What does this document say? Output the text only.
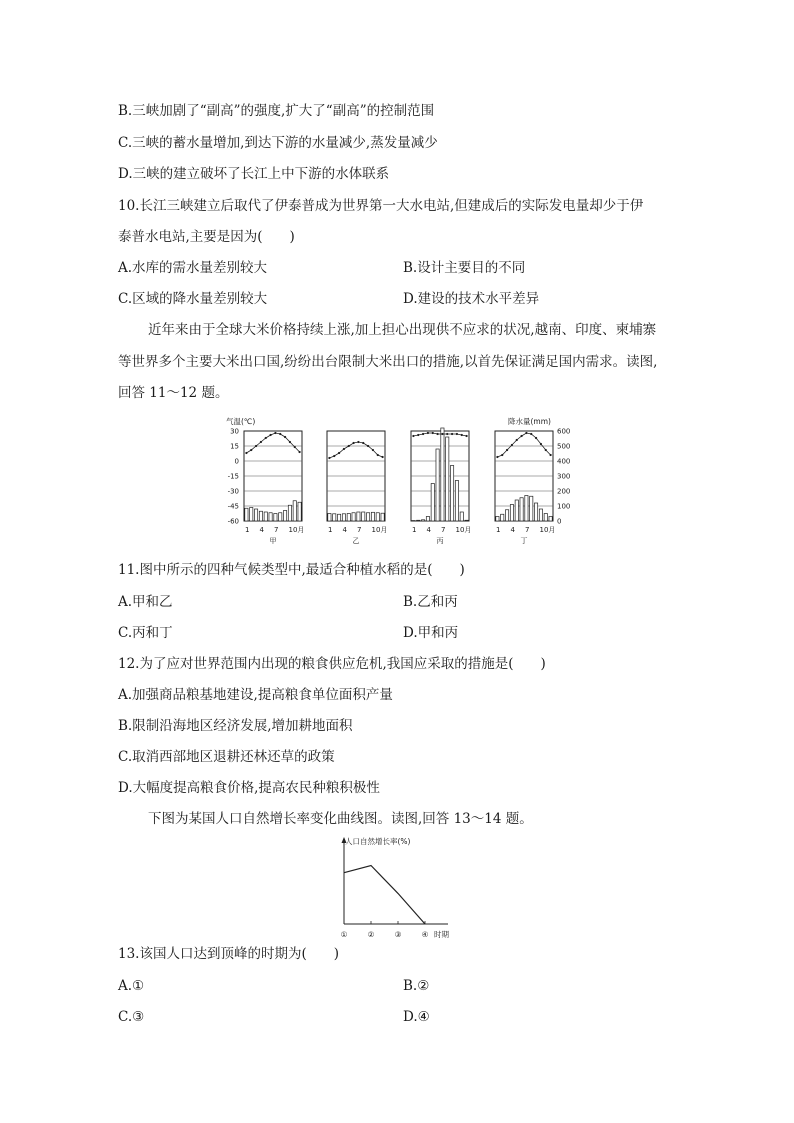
B.三峡加剧了“副高”的强度,扩大了“副高”的控制范围
C.三峡的蓄水量增加,到达下游的水量减少,蒸发量减少
D.三峡的建立破坏了长江上中下游的水体联系
10.长江三峡建立后取代了伊泰普成为世界第一大水电站,但建成后的实际发电量却少于伊
泰普水电站,主要是因为(　　)
A.水库的需水量差别较大	B.设计主要目的不同
C.区域的降水量差别较大	D.建设的技术水平差异
近年来由于全球大米价格持续上涨,加上担心出现供不应求的状况,越南、印度、柬埔寨
等世界多个主要大米出口国,纷纷出台限制大米出口的措施,以首先保证满足国内需求。读图,
回答 11～12 题。
气温(℃)	降水量(mm)
30
15
0
-15
-30
-45
-60
600
500
400
300
200
100
0
1 4 7 10月
甲
1 4 7 10月
乙
1 4 7 10月
丙
1 4 7 10月
丁
11.图中所示的四种气候类型中,最适合种植水稻的是(　　)
A.甲和乙	B.乙和丙
C.丙和丁	D.甲和丙
12.为了应对世界范围内出现的粮食供应危机,我国应采取的措施是(　　)
A.加强商品粮基地建设,提高粮食单位面积产量
B.限制沿海地区经济发展,增加耕地面积
C.取消西部地区退耕还林还草的政策
D.大幅度提高粮食价格,提高农民种粮积极性
下图为某国人口自然增长率变化曲线图。读图,回答 13～14 题。
人口自然增长率(%)
时期
①	②	③	④
13.该国人口达到顶峰的时期为(　　)
A.①	B.②
C.③	D.④
